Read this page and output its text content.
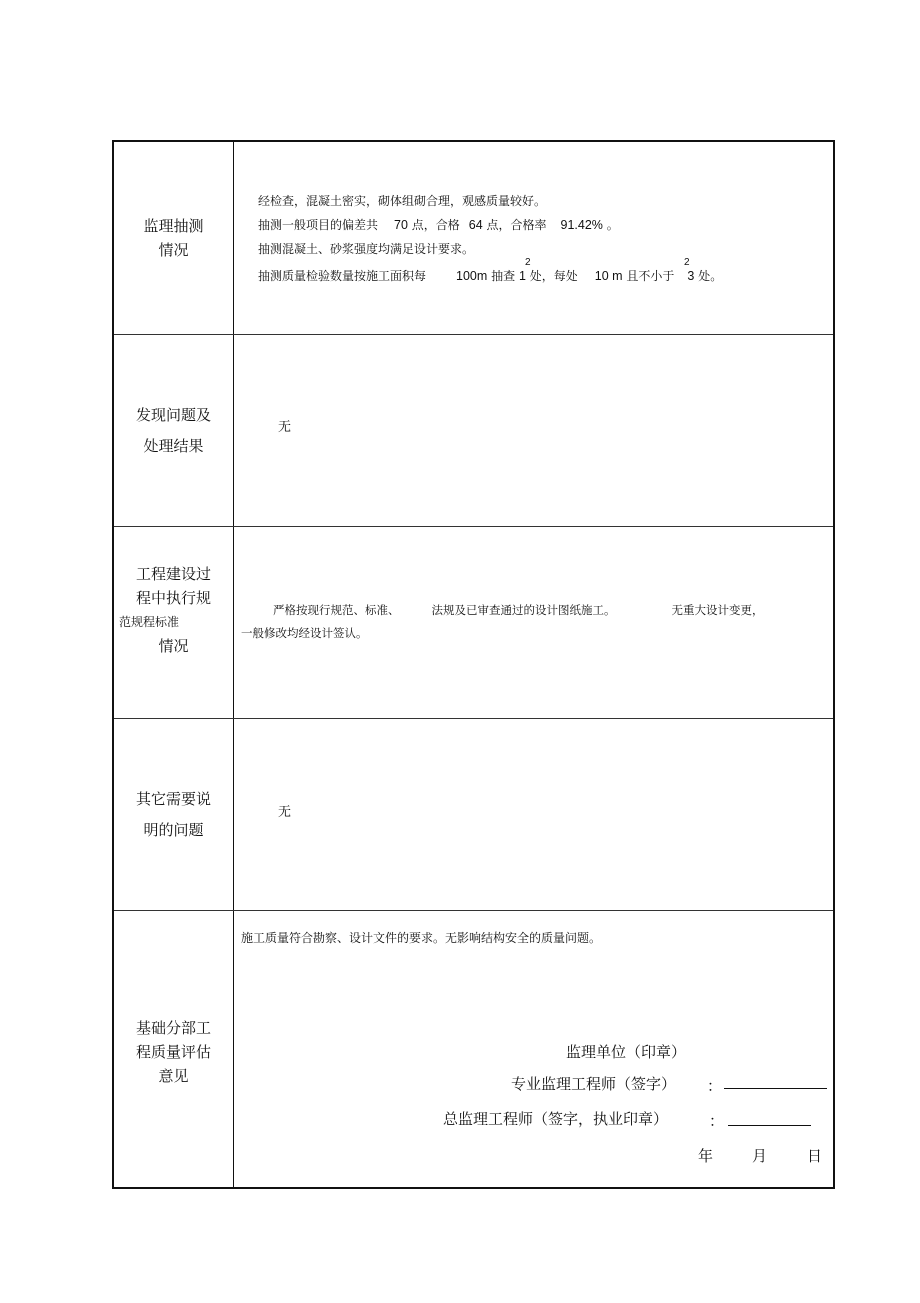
监理抽测
情况
经检查，混凝土密实，砌体组砌合理，观感质量较好。
抽测一般项目的偏差共 70 点，合格 64 点，合格率 91.42% 。
抽测混凝土、砂浆强度均满足设计要求。
抽测质量检验数量按施工面积每 100m 抽查 1 处，每处 10 m 且不小于 3 处。
2	2
发现问题及
处理结果
无
工程建设过
程中执行规
范规程标准
情况
严格按现行规范、标准、	法规及已审查通过的设计图纸施工。	无重大设计变更，
一般修改均经设计签认。
其它需要说
明的问题
无
基础分部工
程质量评估
意见
施工质量符合勘察、设计文件的要求。无影响结构安全的质量问题。
监理单位（印章）
专业监理工程师（签字） ：
总监理工程师（签字，执业印章）	：
年	月	日
